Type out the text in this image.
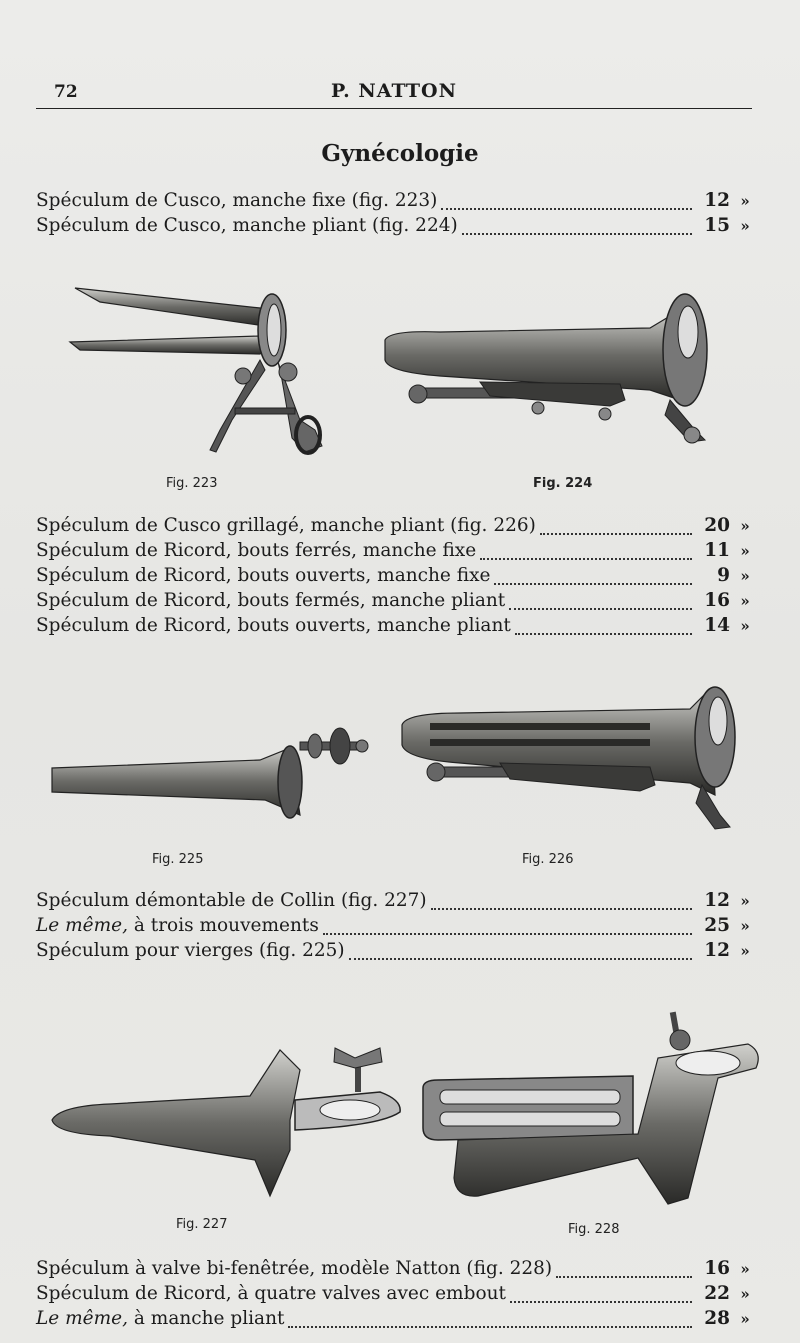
72	P. NATTON
Gynécologie
Spéculum de Cusco, manche fixe (fig. 223)	12 »
Spéculum de Cusco, manche pliant (fig. 224)	15 »
Fig. 223	Fig. 224
Spéculum de Cusco grillagé, manche pliant (fig. 226)	20 »
Spéculum de Ricord, bouts ferrés, manche fixe	11 »
Spéculum de Ricord, bouts ouverts, manche fixe	9 »
Spéculum de Ricord, bouts fermés, manche pliant	16 »
Spéculum de Ricord, bouts ouverts, manche pliant	14 »
Fig. 225	Fig. 226
Spéculum démontable de Collin (fig. 227)	12 »
Le même, à trois mouvements	25 »
Spéculum pour vierges (fig. 225)	12 »
Fig. 227	Fig. 228
Spéculum à valve bi-fenêtrée, modèle Natton (fig. 228)	16 »
Spéculum de Ricord, à quatre valves avec embout	22 »
Le même, à manche pliant	28 »
